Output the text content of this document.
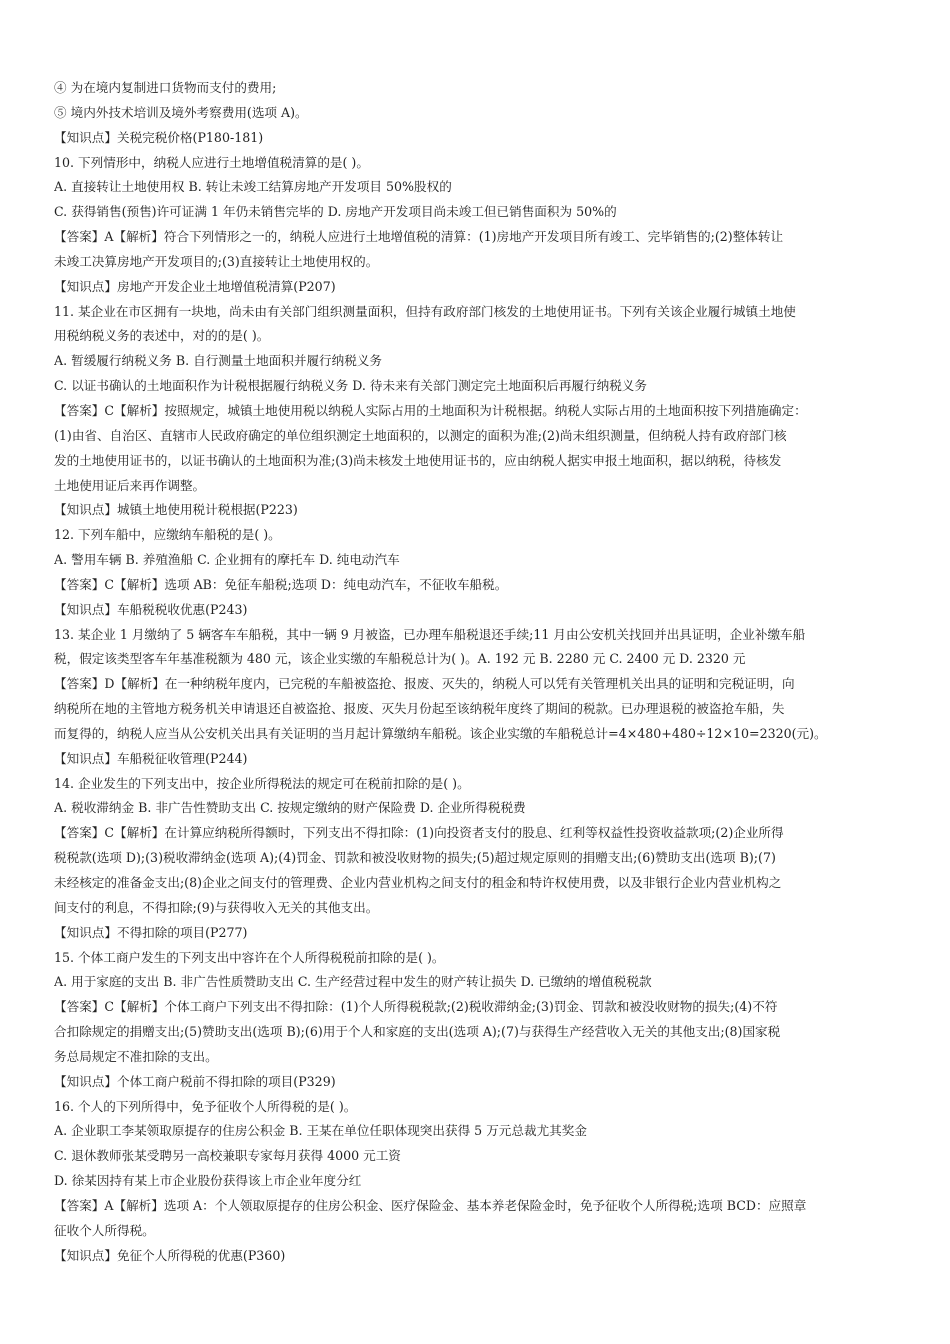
④ 为在境内复制进口货物而支付的费用;
⑤ 境内外技术培训及境外考察费用(选项 A)。
【知识点】关税完税价格(P180-181)
10. 下列情形中，纳税人应进行土地增值税清算的是( )。
A. 直接转让土地使用权 B. 转让未竣工结算房地产开发项目 50%股权的
C. 获得销售(预售)许可证满 1 年仍未销售完毕的 D. 房地产开发项目尚未竣工但已销售面积为 50%的
【答案】A【解析】符合下列情形之一的，纳税人应进行土地增值税的清算：(1)房地产开发项目所有竣工、完毕销售的;(2)整体转让
未竣工决算房地产开发项目的;(3)直接转让土地使用权的。
【知识点】房地产开发企业土地增值税清算(P207)
11. 某企业在市区拥有一块地，尚未由有关部门组织测量面积，但持有政府部门核发的土地使用证书。下列有关该企业履行城镇土地使
用税纳税义务的表述中，对的的是( )。
A. 暂缓履行纳税义务 B. 自行测量土地面积并履行纳税义务
C. 以证书确认的土地面积作为计税根据履行纳税义务 D. 待未来有关部门测定完土地面积后再履行纳税义务
【答案】C【解析】按照规定，城镇土地使用税以纳税人实际占用的土地面积为计税根据。纳税人实际占用的土地面积按下列措施确定：
(1)由省、自治区、直辖市人民政府确定的单位组织测定土地面积的，以测定的面积为准;(2)尚未组织测量，但纳税人持有政府部门核
发的土地使用证书的，以证书确认的土地面积为准;(3)尚未核发土地使用证书的，应由纳税人据实申报土地面积，据以纳税，待核发
土地使用证后来再作调整。
【知识点】城镇土地使用税计税根据(P223)
12. 下列车船中，应缴纳车船税的是( )。
A. 警用车辆 B. 养殖渔船 C. 企业拥有的摩托车 D. 纯电动汽车
【答案】C【解析】选项 AB：免征车船税;选项 D：纯电动汽车，不征收车船税。
【知识点】车船税税收优惠(P243)
13. 某企业 1 月缴纳了 5 辆客车车船税，其中一辆 9 月被盗，已办理车船税退还手续;11 月由公安机关找回并出具证明，企业补缴车船
税，假定该类型客车年基准税额为 480 元，该企业实缴的车船税总计为( )。A. 192 元 B. 2280 元 C. 2400 元 D. 2320 元
【答案】D【解析】在一种纳税年度内，已完税的车船被盗抢、报废、灭失的，纳税人可以凭有关管理机关出具的证明和完税证明，向
纳税所在地的主管地方税务机关申请退还自被盗抢、报废、灭失月份起至该纳税年度终了期间的税款。已办理退税的被盗抢车船，失
而复得的，纳税人应当从公安机关出具有关证明的当月起计算缴纳车船税。该企业实缴的车船税总计=4×480+480÷12×10=2320(元)。
【知识点】车船税征收管理(P244)
14. 企业发生的下列支出中，按企业所得税法的规定可在税前扣除的是( )。
A. 税收滞纳金 B. 非广告性赞助支出 C. 按规定缴纳的财产保险费 D. 企业所得税税费
【答案】C【解析】在计算应纳税所得额时，下列支出不得扣除：(1)向投资者支付的股息、红利等权益性投资收益款项;(2)企业所得
税税款(选项 D);(3)税收滞纳金(选项 A);(4)罚金、罚款和被没收财物的损失;(5)超过规定原则的捐赠支出;(6)赞助支出(选项 B);(7)
未经核定的准备金支出;(8)企业之间支付的管理费、企业内营业机构之间支付的租金和特许权使用费，以及非银行企业内营业机构之
间支付的利息，不得扣除;(9)与获得收入无关的其他支出。
【知识点】不得扣除的项目(P277)
15. 个体工商户发生的下列支出中容许在个人所得税税前扣除的是( )。
A. 用于家庭的支出 B. 非广告性质赞助支出 C. 生产经营过程中发生的财产转让损失 D. 已缴纳的增值税税款
【答案】C【解析】个体工商户下列支出不得扣除：(1)个人所得税税款;(2)税收滞纳金;(3)罚金、罚款和被没收财物的损失;(4)不符
合扣除规定的捐赠支出;(5)赞助支出(选项 B);(6)用于个人和家庭的支出(选项 A);(7)与获得生产经营收入无关的其他支出;(8)国家税
务总局规定不准扣除的支出。
【知识点】个体工商户税前不得扣除的项目(P329)
16. 个人的下列所得中，免予征收个人所得税的是( )。
A. 企业职工李某领取原提存的住房公积金 B. 王某在单位任职体现突出获得 5 万元总裁尤其奖金
C. 退休教师张某受聘另一高校兼职专家每月获得 4000 元工资
D. 徐某因持有某上市企业股份获得该上市企业年度分红
【答案】A【解析】选项 A：个人领取原提存的住房公积金、医疗保险金、基本养老保险金时，免予征收个人所得税;选项 BCD：应照章
征收个人所得税。
【知识点】免征个人所得税的优惠(P360)
